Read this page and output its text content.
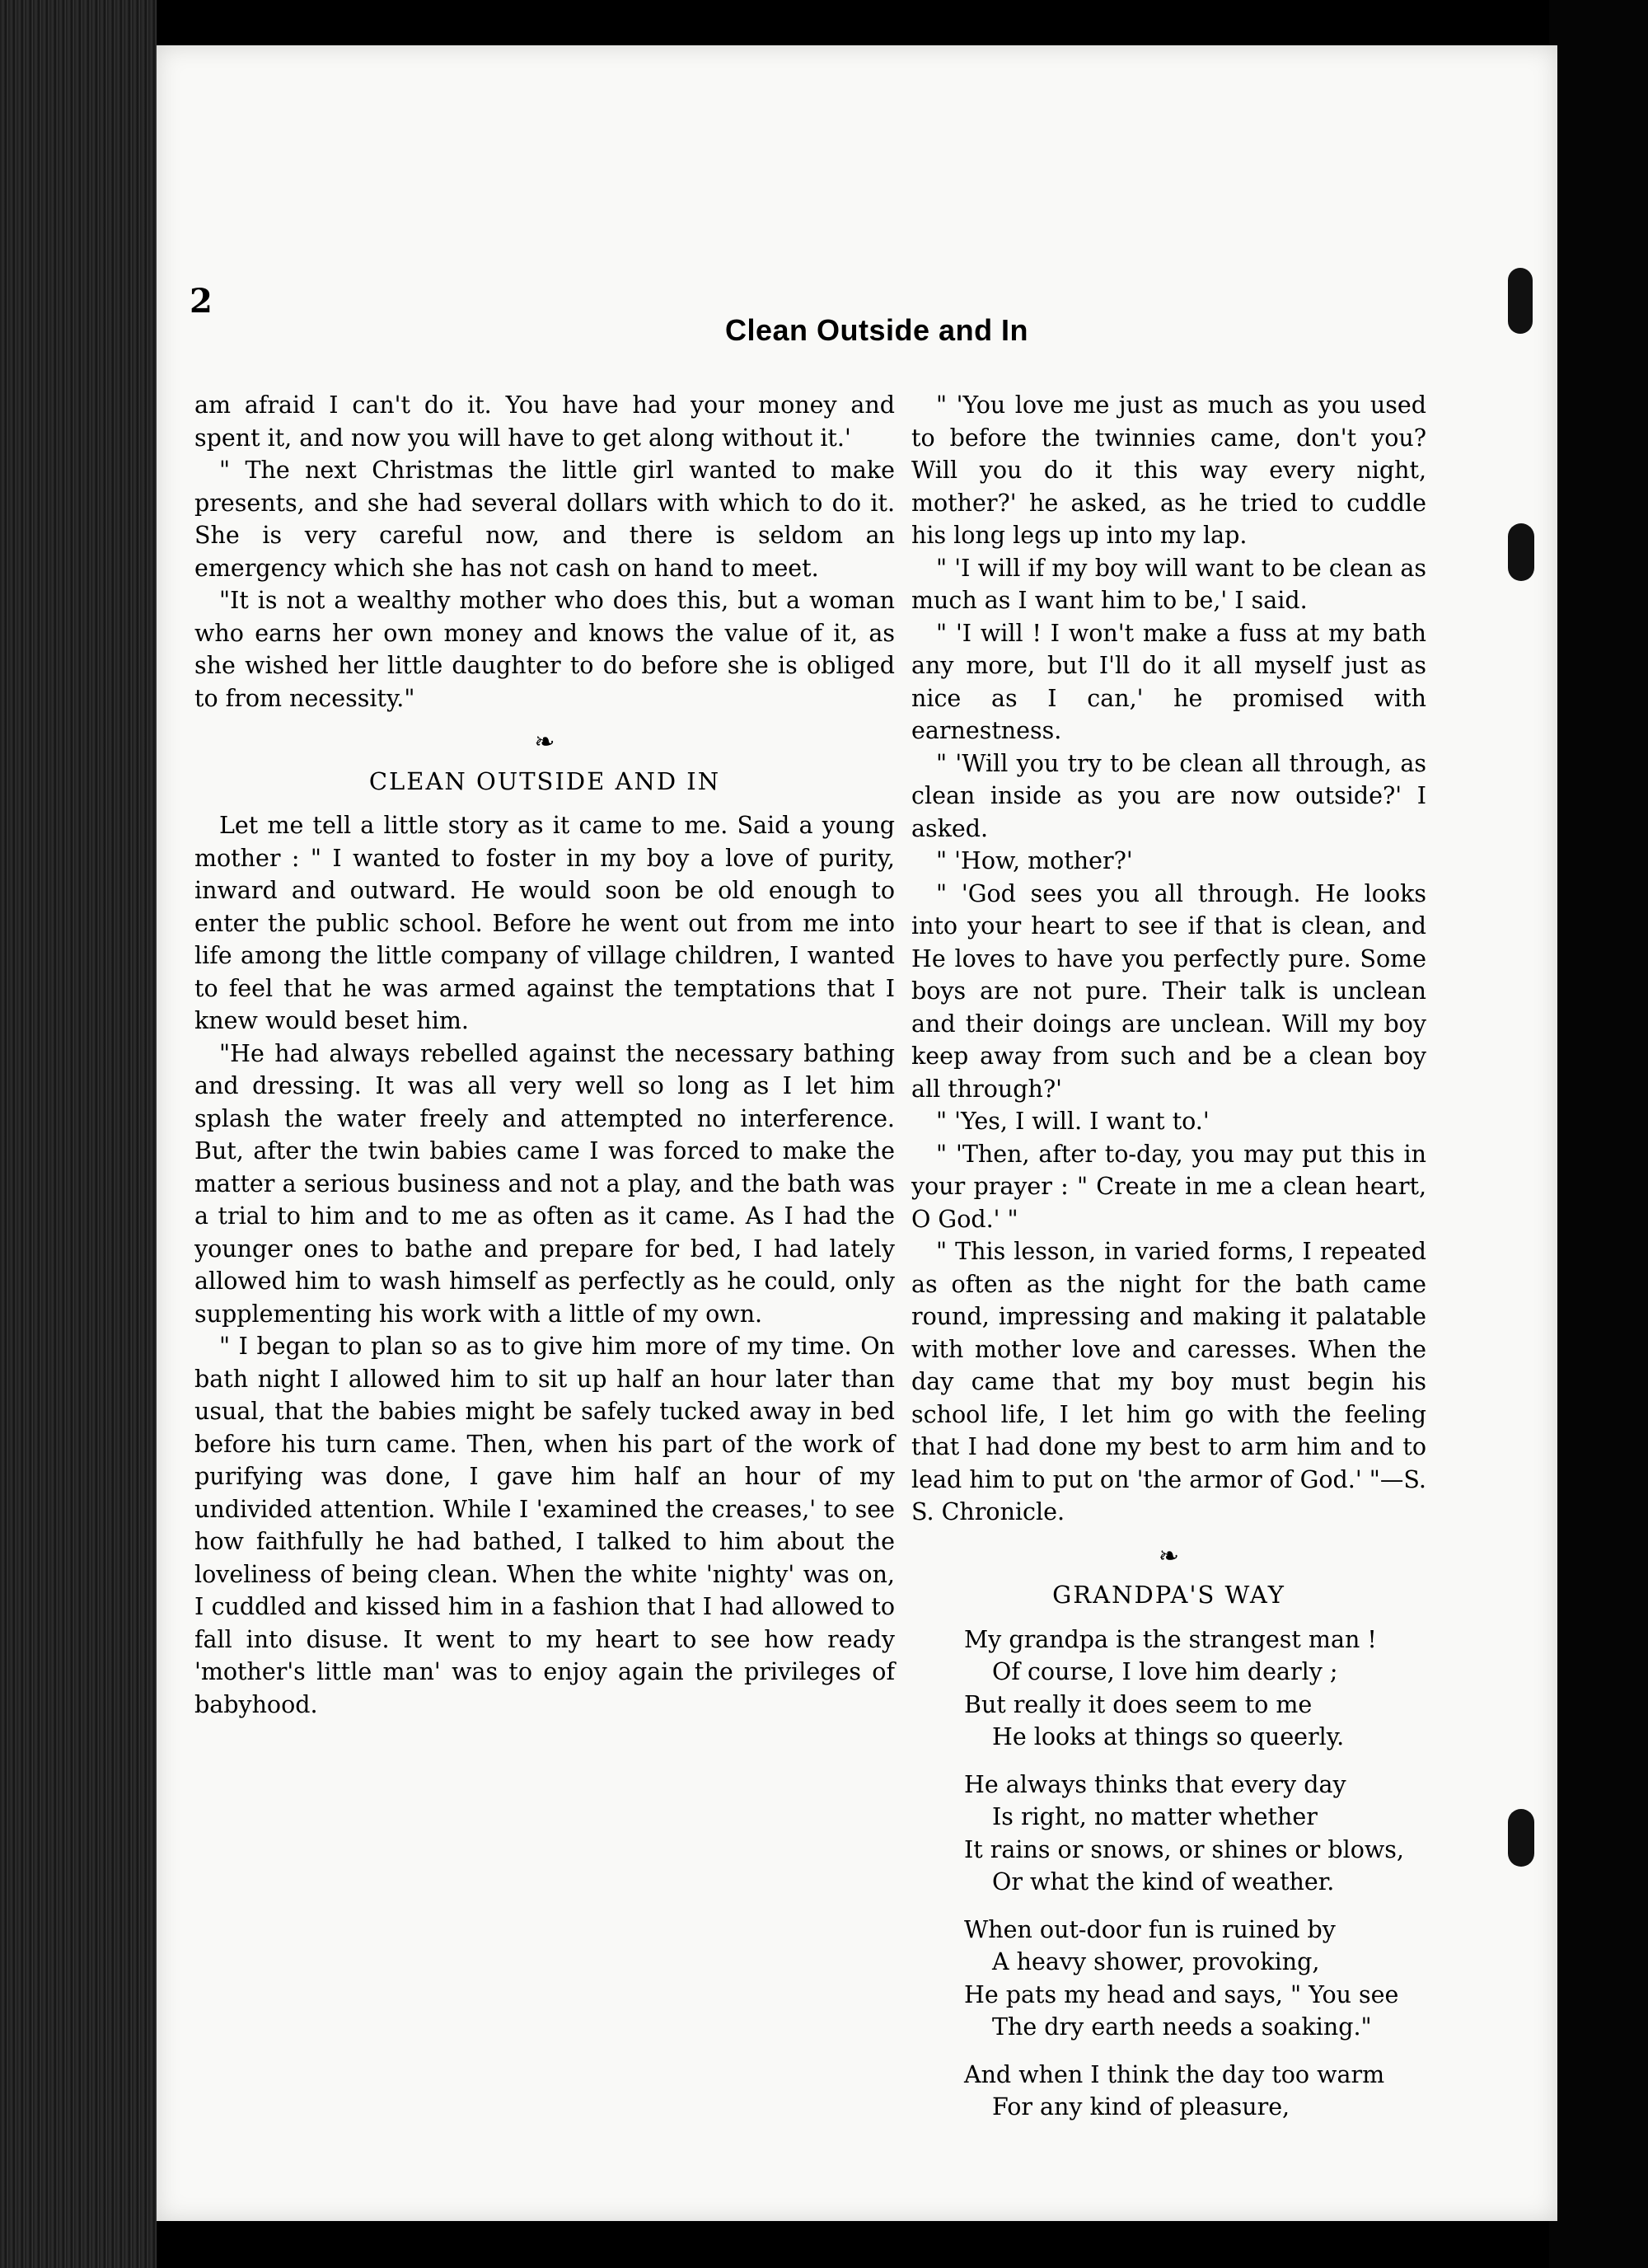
2
Clean Outside and In

am afraid I can't do it. You have had your money and spent it, and now you will have to get along without it.'

" The next Christmas the little girl wanted to make presents, and she had several dollars with which to do it. She is very careful now, and there is seldom an emergency which she has not cash on hand to meet.

"It is not a wealthy mother who does this, but a woman who earns her own money and knows the value of it, as she wished her little daughter to do before she is obliged to from necessity."

❧
CLEAN OUTSIDE AND IN

Let me tell a little story as it came to me. Said a young mother : " I wanted to foster in my boy a love of purity, inward and outward. He would soon be old enough to enter the public school. Before he went out from me into life among the little company of village children, I wanted to feel that he was armed against the temptations that I knew would beset him.

"He had always rebelled against the necessary bathing and dressing. It was all very well so long as I let him splash the water freely and attempted no interference. But, after the twin babies came I was forced to make the matter a serious business and not a play, and the bath was a trial to him and to me as often as it came. As I had the younger ones to bathe and prepare for bed, I had lately allowed him to wash himself as perfectly as he could, only supplementing his work with a little of my own.

" I began to plan so as to give him more of my time. On bath night I allowed him to sit up half an hour later than usual, that the babies might be safely tucked away in bed before his turn came. Then, when his part of the work of purifying was done, I gave him half an hour of my undivided attention. While I 'examined the creases,' to see how faithfully he had bathed, I talked to him about the loveliness of being clean. When the white 'nighty' was on, I cuddled and kissed him in a fashion that I had allowed to fall into disuse. It went to my heart to see how ready 'mother's little man' was to enjoy again the privileges of babyhood.

" 'You love me just as much as you used to before the twinnies came, don't you? Will you do it this way every night, mother?' he asked, as he tried to cuddle his long legs up into my lap.

" 'I will if my boy will want to be clean as much as I want him to be,' I said.

" 'I will ! I won't make a fuss at my bath any more, but I'll do it all myself just as nice as I can,' he promised with earnestness.

" 'Will you try to be clean all through, as clean inside as you are now outside?' I asked.

" 'How, mother?'

" 'God sees you all through. He looks into your heart to see if that is clean, and He loves to have you perfectly pure. Some boys are not pure. Their talk is unclean and their doings are unclean. Will my boy keep away from such and be a clean boy all through?'

" 'Yes, I will. I want to.'

" 'Then, after to-day, you may put this in your prayer : " Create in me a clean heart, O God.' "

" This lesson, in varied forms, I repeated as often as the night for the bath came round, impressing and making it palatable with mother love and caresses. When the day came that my boy must begin his school life, I let him go with the feeling that I had done my best to arm him and to lead him to put on 'the armor of God.' "—S. S. Chronicle.

❧
GRANDPA'S WAY
My grandpa is the strangest man !
Of course, I love him dearly ;
But really it does seem to me
He looks at things so queerly.
He always thinks that every day
Is right, no matter whether
It rains or snows, or shines or blows,
Or what the kind of weather.
When out-door fun is ruined by
A heavy shower, provoking,
He pats my head and says, " You see
The dry earth needs a soaking."
And when I think the day too warm
For any kind of pleasure,
